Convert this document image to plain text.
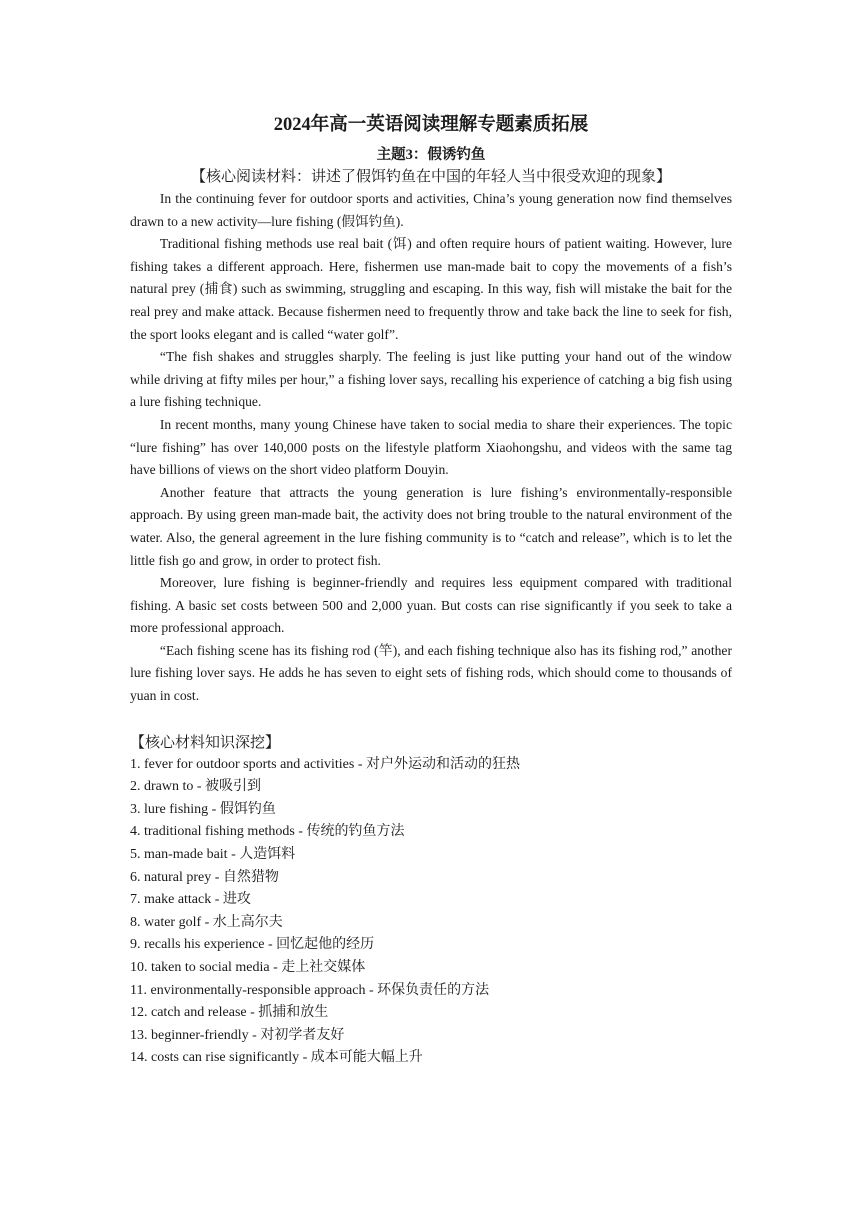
2024年高一英语阅读理解专题素质拓展
主题3：假诱钓鱼
【核心阅读材料：讲述了假饵钓鱼在中国的年轻人当中很受欢迎的现象】

In the continuing fever for outdoor sports and activities, China’s young generation now find themselves drawn to a new activity—lure fishing (假饵钓鱼).

Traditional fishing methods use real bait (饵) and often require hours of patient waiting. However, lure fishing takes a different approach. Here, fishermen use man-made bait to copy the movements of a fish’s natural prey (捕食) such as swimming, struggling and escaping. In this way, fish will mistake the bait for the real prey and make attack. Because fishermen need to frequently throw and take back the line to seek for fish, the sport looks elegant and is called “water golf”.

“The fish shakes and struggles sharply. The feeling is just like putting your hand out of the window while driving at fifty miles per hour,” a fishing lover says, recalling his experience of catching a big fish using a lure fishing technique.

In recent months, many young Chinese have taken to social media to share their experiences. The topic “lure fishing” has over 140,000 posts on the lifestyle platform Xiaohongshu, and videos with the same tag have billions of views on the short video platform Douyin.

Another feature that attracts the young generation is lure fishing’s environmentally-responsible approach. By using green man-made bait, the activity does not bring trouble to the natural environment of the water. Also, the general agreement in the lure fishing community is to “catch and release”, which is to let the little fish go and grow, in order to protect fish.

Moreover, lure fishing is beginner-friendly and requires less equipment compared with traditional fishing. A basic set costs between 500 and 2,000 yuan. But costs can rise significantly if you seek to take a more professional approach.

“Each fishing scene has its fishing rod (竿), and each fishing technique also has its fishing rod,” another lure fishing lover says. He adds he has seven to eight sets of fishing rods, which should come to thousands of yuan in cost.

【核心材料知识深挖】
1. fever for outdoor sports and activities - 对户外运动和活动的狂热
2. drawn to - 被吸引到
3. lure fishing - 假饵钓鱼
4. traditional fishing methods - 传统的钓鱼方法
5. man-made bait - 人造饵料
6. natural prey - 自然猎物
7. make attack - 进攻
8. water golf - 水上高尔夫
9. recalls his experience - 回忆起他的经历
10. taken to social media - 走上社交媒体
11. environmentally-responsible approach - 环保负责任的方法
12. catch and release - 抓捕和放生
13. beginner-friendly - 对初学者友好
14. costs can rise significantly - 成本可能大幅上升
